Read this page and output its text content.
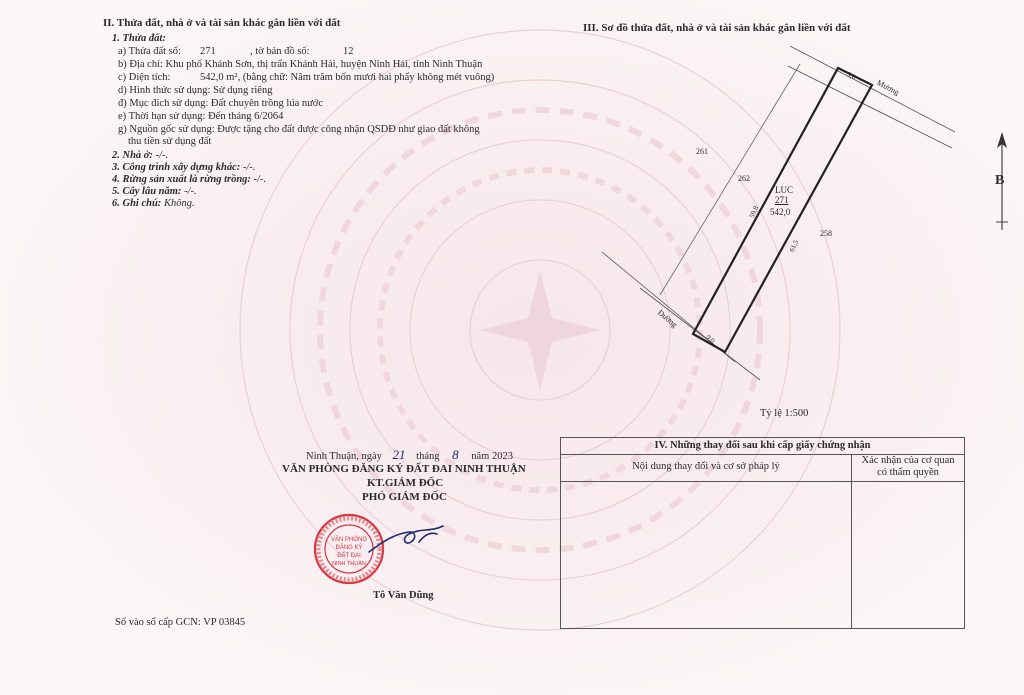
II. Thửa đất, nhà ở và tài sản khác gắn liền với đất
1. Thửa đất:
a) Thửa đất số: 271	, tờ bản đồ số:	12
b) Địa chỉ: Khu phố Khánh Sơn, thị trấn Khánh Hải, huyện Ninh Hải, tỉnh Ninh Thuận
c) Diện tích:	542,0 m², (bằng chữ: Năm trăm bốn mươi hai phẩy không mét vuông)
d) Hình thức sử dụng: Sử dụng riêng
đ) Mục đích sử dụng: Đất chuyên trồng lúa nước
e) Thời hạn sử dụng: Đến tháng 6/2064
g) Nguồn gốc sử dụng: Được tặng cho đất được công nhận QSDĐ như giao đất không
thu tiền sử dụng đất
2. Nhà ở: -/-.
3. Công trình xây dựng khác: -/-.
4. Rừng sản xuất là rừng trồng: -/-.
5. Cây lâu năm: -/-.
6. Ghi chú: Không.
III. Sơ đồ thửa đất, nhà ở và tài sản khác gắn liền với đất
Mương
9,0
Đường
9,0
261
262
258
LUC
271
542,0
59,8
61,5
Tỷ lệ 1:500
B
Ninh Thuận, ngày 21 tháng 8 năm 2023
VĂN PHÒNG ĐĂNG KÝ ĐẤT ĐAI NINH THUẬN
KT.GIÁM ĐỐC
PHÓ GIÁM ĐỐC
VĂN PHÒNG
ĐĂNG KÝ
ĐẤT ĐAI
NINH THUẬN
Tô Văn Dũng
Số vào sổ cấp GCN: VP 03845
IV. Những thay đổi sau khi cấp giấy chứng nhận	
Nội dung thay đổi và cơ sở pháp lý	Xác nhận của cơ quan
có thẩm quyền
